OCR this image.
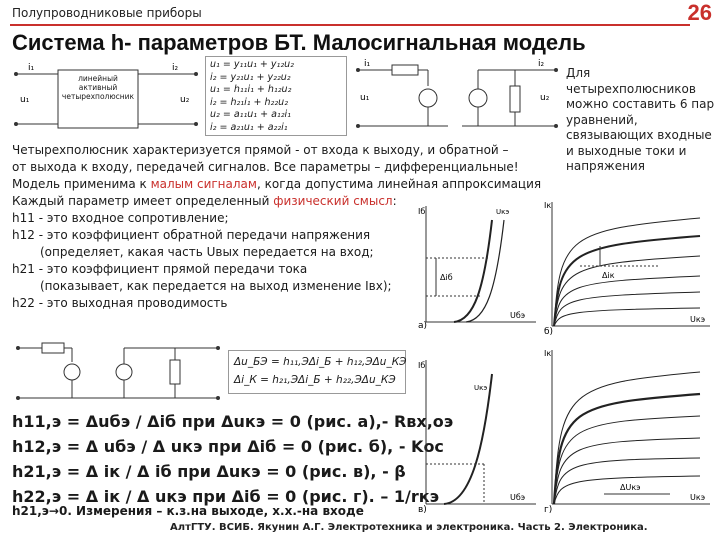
Полупроводниковые приборы	26
Система h- параметров БТ. Малосигнальная модель
i₁	i₂
u₁	u₂
линейный активный четырехполюсник
u₁ = y₁₁u₁ + y₁₂u₂
i₂ = y₂₁u₁ + y₂₂u₂
u₁ = h₁₁i₁ + h₁₂u₂
i₂ = h₂₁i₁ + h₂₂u₂
u₂ = a₁₁u₁ + a₁₂i₁
i₂ = a₂₁u₁ + a₂₂i₁
i₁	i₂
u₁	u₂
Для четырехполюсников можно составить 6 пар уравнений, связывающих входные и выходные токи и напряжения
Четырехполюсник характеризуется прямой - от входа к выходу, и обратной –
от выхода к входу, передачей сигналов. Все параметры – дифференциальные!
Модель применима к малым сигналам, когда допустима линейная аппроксимация
Каждый параметр имеет определенный физический смысл:
h11 - это входное сопротивление;
h12 - это коэффициент обратной передачи напряжения
(определяет, какая часть Uвых передается на вход;
h21 - это коэффициент прямой передачи тока
(показывает, как передается на выход изменение Iвх);
h22 - это выходная проводимость
Δu_БЭ = h₁₁,ЭΔi_Б + h₁₂,ЭΔu_КЭ
Δi_К = h₂₁,ЭΔi_Б + h₂₂,ЭΔu_КЭ
h11,э = Δuбэ / Δiб при Δuкэ = 0 (рис. а),- Rвх,оэ
h12,э = Δ uбэ / Δ uкэ при Δiб = 0 (рис. б), - Kос
h21,э = Δ iк / Δ iб при Δuкэ = 0 (рис. в), - β
h22,э = Δ iк / Δ uкэ при Δiб = 0 (рис. г). – 1/rкэ
h21,э→0. Измерения – к.з.на выходе, х.х.-на входе
АлтГТУ. ВСИБ. Якунин А.Г. Электротехника и электроника. Часть 2. Электроника.
Iб
Uбэ
Δiб
Uкэ
а)
Iк
Uкэ
Δiк
б)
Iб
Uбэ
Uкэ
в)
Iк
Uкэ
ΔUкэ
г)
